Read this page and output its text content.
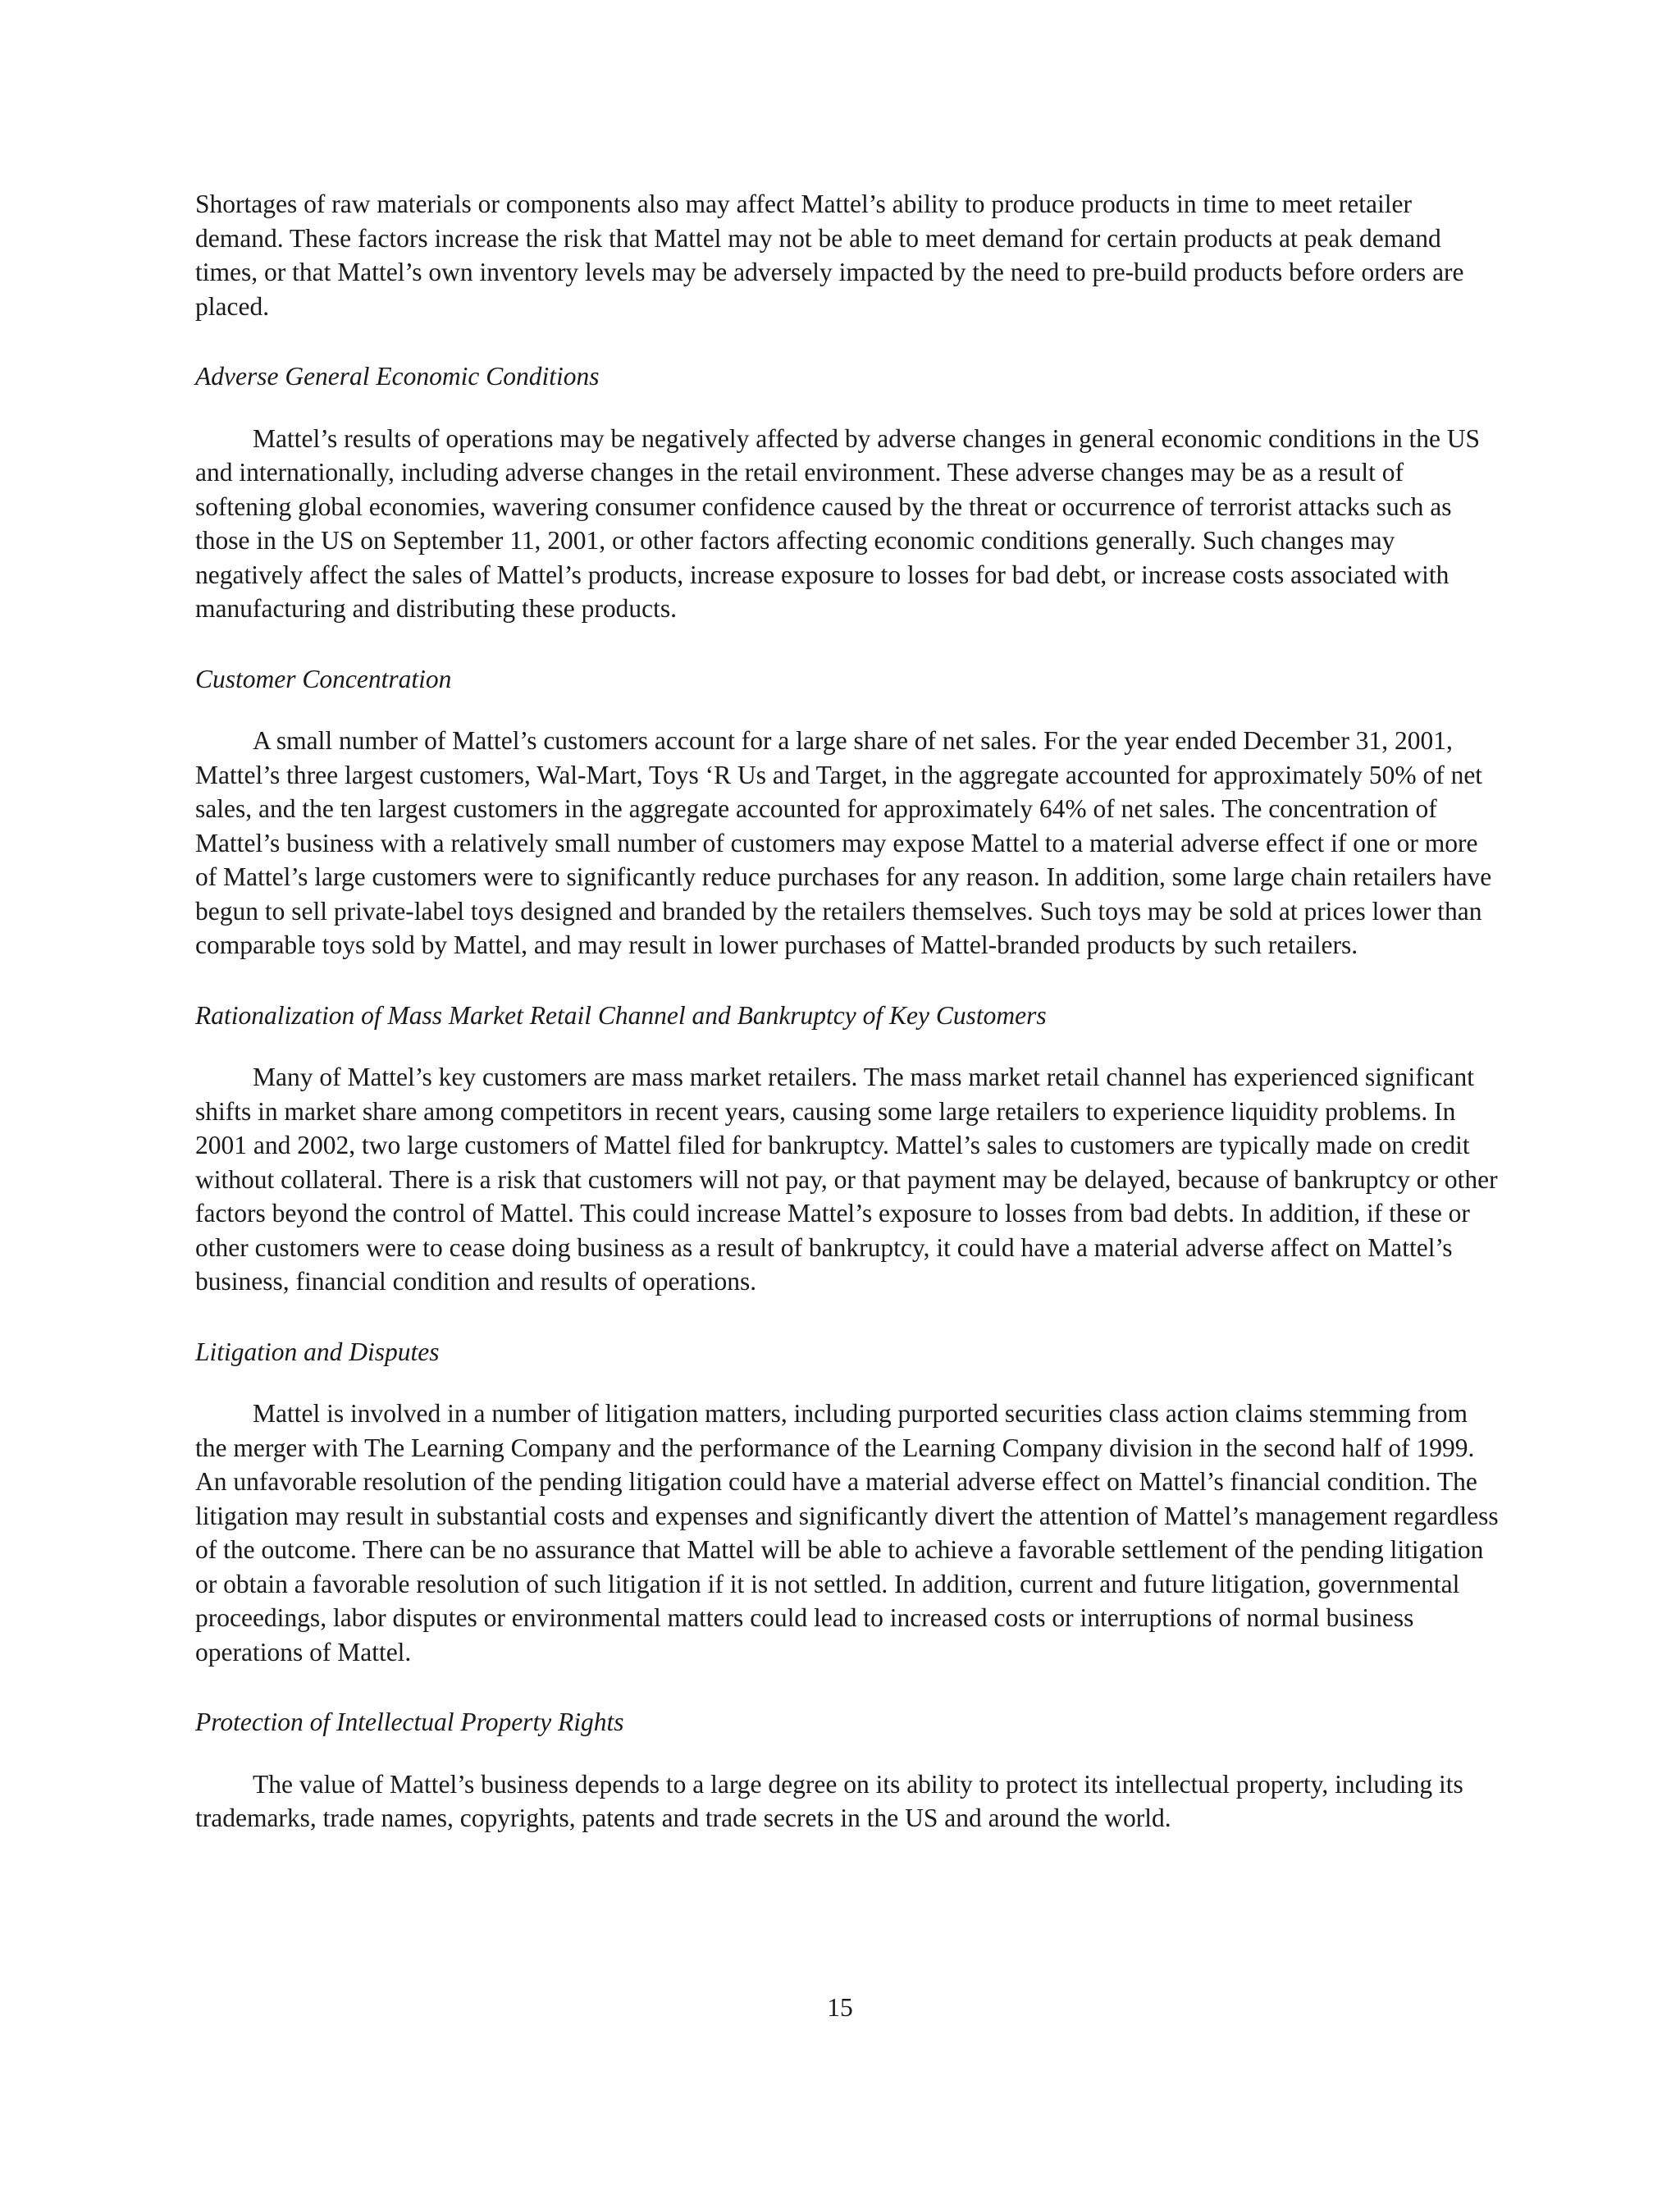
Shortages of raw materials or components also may affect Mattel’s ability to produce products in time to meet retailer demand. These factors increase the risk that Mattel may not be able to meet demand for certain products at peak demand times, or that Mattel’s own inventory levels may be adversely impacted by the need to pre-build products before orders are placed.

Adverse General Economic Conditions

Mattel’s results of operations may be negatively affected by adverse changes in general economic conditions in the US and internationally, including adverse changes in the retail environment. These adverse changes may be as a result of softening global economies, wavering consumer confidence caused by the threat or occurrence of terrorist attacks such as those in the US on September 11, 2001, or other factors affecting economic conditions generally. Such changes may negatively affect the sales of Mattel’s products, increase exposure to losses for bad debt, or increase costs associated with manufacturing and distributing these products.

Customer Concentration

A small number of Mattel’s customers account for a large share of net sales. For the year ended December 31, 2001, Mattel’s three largest customers, Wal-Mart, Toys ‘R Us and Target, in the aggregate accounted for approximately 50% of net sales, and the ten largest customers in the aggregate accounted for approximately 64% of net sales. The concentration of Mattel’s business with a relatively small number of customers may expose Mattel to a material adverse effect if one or more of Mattel’s large customers were to significantly reduce purchases for any reason. In addition, some large chain retailers have begun to sell private-label toys designed and branded by the retailers themselves. Such toys may be sold at prices lower than comparable toys sold by Mattel, and may result in lower purchases of Mattel-branded products by such retailers.

Rationalization of Mass Market Retail Channel and Bankruptcy of Key Customers

Many of Mattel’s key customers are mass market retailers. The mass market retail channel has experienced significant shifts in market share among competitors in recent years, causing some large retailers to experience liquidity problems. In 2001 and 2002, two large customers of Mattel filed for bankruptcy. Mattel’s sales to customers are typically made on credit without collateral. There is a risk that customers will not pay, or that payment may be delayed, because of bankruptcy or other factors beyond the control of Mattel. This could increase Mattel’s exposure to losses from bad debts. In addition, if these or other customers were to cease doing business as a result of bankruptcy, it could have a material adverse affect on Mattel’s business, financial condition and results of operations.

Litigation and Disputes

Mattel is involved in a number of litigation matters, including purported securities class action claims stemming from the merger with The Learning Company and the performance of the Learning Company division in the second half of 1999. An unfavorable resolution of the pending litigation could have a material adverse effect on Mattel’s financial condition. The litigation may result in substantial costs and expenses and significantly divert the attention of Mattel’s management regardless of the outcome. There can be no assurance that Mattel will be able to achieve a favorable settlement of the pending litigation or obtain a favorable resolution of such litigation if it is not settled. In addition, current and future litigation, governmental proceedings, labor disputes or environmental matters could lead to increased costs or interruptions of normal business operations of Mattel.

Protection of Intellectual Property Rights

The value of Mattel’s business depends to a large degree on its ability to protect its intellectual property, including its trademarks, trade names, copyrights, patents and trade secrets in the US and around the world.

15
